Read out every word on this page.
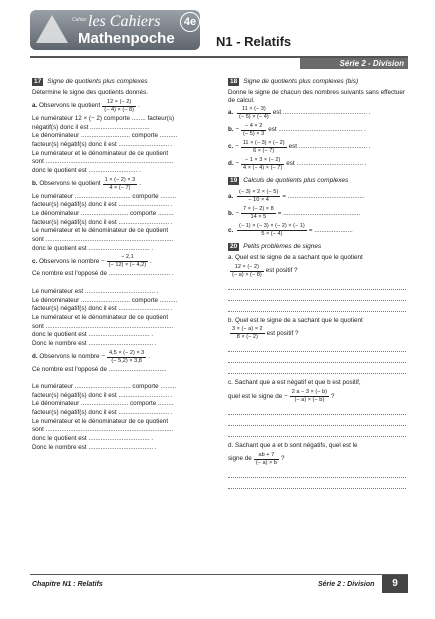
Cahier les Cahiers
Mathenpoche
4e
N1 - Relatifs
Série 2 - Division
17 Signe de quotients plus complexes

Détermine le signe des quotients donnés.

a.
Observons le quotient $\frac{12 \times (- 2)}{(- 4) \times (- 8)}$ .

Le numérateur 12 × (− 2) comporte ........ facteur(s)

négatif(s) donc il est ..................................

Le dénominateur ............................ comporte ..........

facteur(s) négatif(s) donc il est ............................. .

Le numérateur et le dénominateur de ce quotient

sont .........................................................................

donc le quotient est ............................ .

b.
Observons le quotient $\frac{1 \times (- 2) \times 3}{4 \times (- 7)}$ .

Le numérateur ................................ comporte .........

facteur(s) négatif(s) donc il est ............................. .

Le dénominateur ........................... comporte .........

facteur(s) négatif(s) donc il est ............................. .

Le numérateur et le dénominateur de ce quotient

sont .........................................................................

donc le quotient est ................................... .

c.
Observons le nombre
− $\frac{- 2,1}{(- 12) \times (- 4,2)}$ .

Ce nombre est l'opposé de ................................... .

Le numérateur est ........................................ .

Le dénominateur ............................ comporte ..........

facteur(s) négatif(s) donc il est ............................. .

Le numérateur et le dénominateur de ce quotient

sont .........................................................................

donc le quotient est ................................... .

Donc le nombre est ..................................... .

d.
Observons le nombre
− $\frac{4,5 \times (- 2) \times 3}{(- 5,2) \times 3,8}$ .

Ce nombre est l'opposé de .................................

Le numérateur ................................ comporte .........

facteur(s) négatif(s) donc il est ............................. .

Le dénominateur ........................... comporte .........

facteur(s) négatif(s) donc il est ............................. .

Le numérateur et le dénominateur de ce quotient

sont .........................................................................

donc le quotient est ................................... .

Donc le nombre est ..................................... .

18 Signe de quotients plus complexes (bis)

Donne le signe de chacun des nombres suivants sans effectuer de calcul.

a.
$\frac{11 \times (- 3)}{(- 5) \times (- 4)}$ est ................................................ .
b.
− $\frac{- 4 \times 2}{(- 5) \times 3}$ est ................................................ .
c.
− $\frac{11 \times (- 3) \times (- 2)}{6 \times (- 7)}$ est ....................................... .
d.
− $\frac{- 1 \times 3 \times (- 2)}{4 \times (- 4) \times (- 7)}$ est ...................................... .
19 Calculs de quotients plus complexes
a.
$\frac{(- 3) \times 2 \times (- 5)}{- 10 \times 4}$ = ............................................
b.
− $\frac{7 \times (- 2) \times 8}{14 \times 5}$ = ............................................
c.
$\frac{(- 1) \times (- 3) \times (- 2) \times (- 1)}{5 \times (- 4)}$ = ......................
20 Petits problèmes de signes

a. Quel est le signe de a sachant que le quotient

$\frac{12 \times (- 2)}{(- a) \times (- 8)}$ est positif ?

b. Quel est le signe de a sachant que le quotient

$\frac{3 \times (- a) \times 2}{8 \times (- 2)}$ est positif ?

c. Sachant que a est négatif et que b est positif,

quel est le signe de
− $\frac{2 a - 3 \times (- b)}{(- a) \times (- b)}$ ?

d. Sachant que a et b sont négatifs, quel est le

signe de $\frac{ab + 7}{(- a) \times b}$ ?
Chapitre N1 : Relatifs	Série 2 : Division	9
